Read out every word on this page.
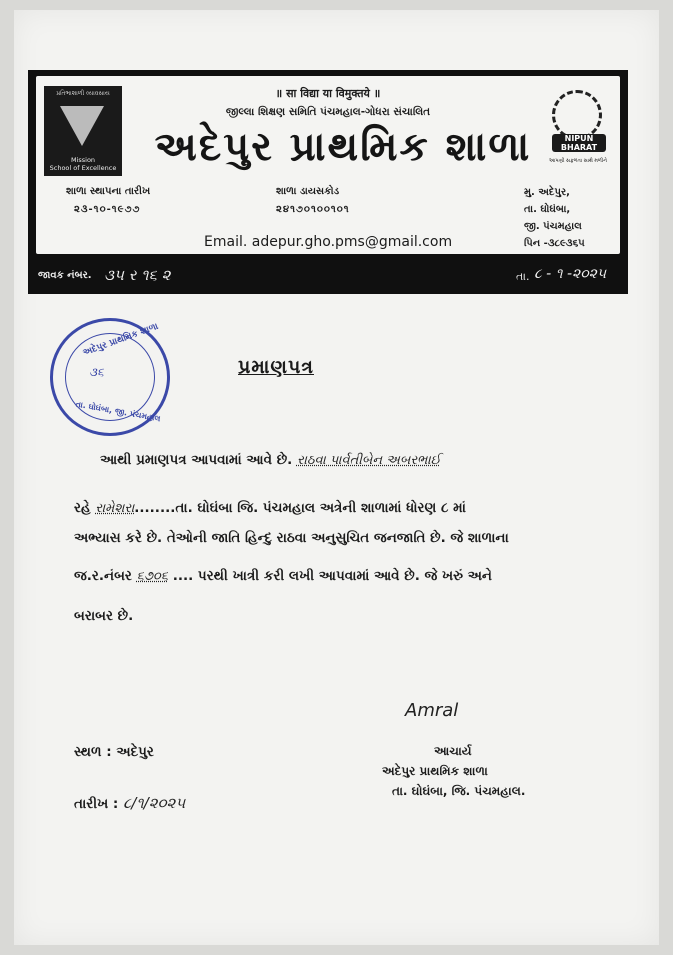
પ્રતિભાશાળી વ્યાવસાય
Mission
School of Excellence
॥ सा विद्या या विमुक्तये ॥
જીલ્લા શિક્ષણ સમિતિ પંચમહાલ-ગોધરા સંચાલિત
અદેપુર પ્રાથમિક શાળા	NIPUN BHARAT
આપણી સફળતા સાથે મળીને
શાળા સ્થાપના તારીખ
૨૩-૧૦-૧૯૭૭
શાળા ડાયસકોડ
૨૪૧૭૦૧૦૦૧૦૧
Email. adepur.gho.pms@gmail.com
મુ. અદેપુર,
તા. ઘોઘંબા,
જી. પંચમહાલ
પિન -૩૮૯૩૬૫
જાવક નંબર. ૩૫ ર ૧૬ ૨	તા. ૮ - ૧ -૨૦૨૫
અદેપુર પ્રાથમિક શાળા
૩૬
તા. ઘોઘંબા, જી. પંચમહાલ
પ્રમાણપત્ર
આથી પ્રમાણપત્ર આપવામાં આવે છે. રાઠવા પાર્વતીબેન અબરભાઈ
રહે રામેશરા........તા. ઘોઘંબા જિ. પંચમહાલ અત્રેની શાળામાં ધોરણ ૮ માં
અભ્યાસ કરે છે. તેઓની જાતિ હિન્દુ રાઠવા અનુસુચિત જનજાતિ છે. જે શાળાના
જ.ર.નંબર ૬૭૦૬ .... પરથી ખાત્રી કરી લખી આપવામાં આવે છે. જે ખરું અને
બરાબર છે.
Amral
આચાર્ય
અદેપુર પ્રાથમિક શાળા
તા. ઘોઘંબા, જિ. પંચમહાલ.
સ્થળ : અદેપુર
તારીખ : ૮/૧/૨૦૨૫
